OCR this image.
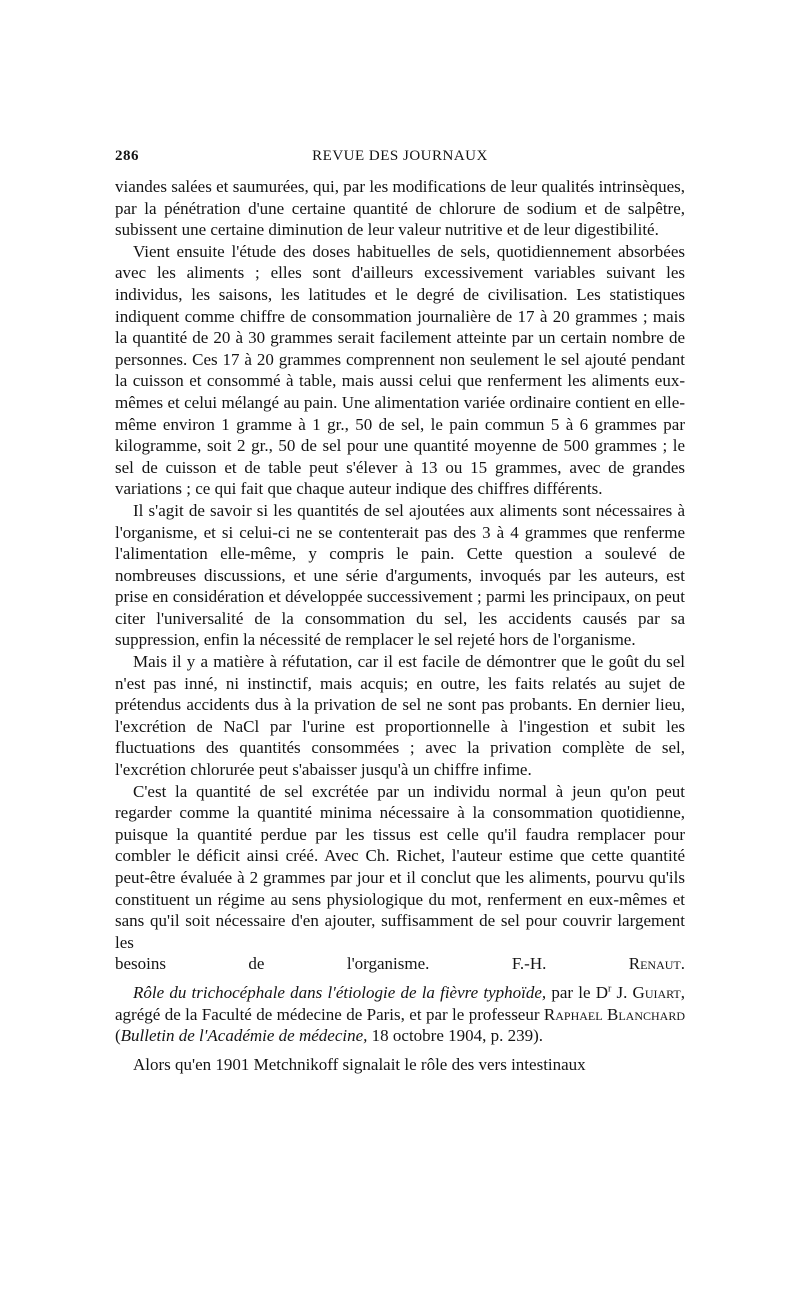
286	REVUE DES JOURNAUX

viandes salées et saumurées, qui, par les modifications de leur qualités intrinsèques, par la pénétration d'une certaine quantité de chlorure de sodium et de salpêtre, subissent une certaine diminution de leur valeur nutritive et de leur digestibilité.

Vient ensuite l'étude des doses habituelles de sels, quotidiennement absorbées avec les aliments ; elles sont d'ailleurs excessivement variables suivant les individus, les saisons, les latitudes et le degré de civilisation. Les statistiques indiquent comme chiffre de consommation journalière de 17 à 20 grammes ; mais la quantité de 20 à 30 grammes serait facilement atteinte par un certain nombre de personnes. Ces 17 à 20 grammes comprennent non seulement le sel ajouté pendant la cuisson et consommé à table, mais aussi celui que renferment les aliments eux-mêmes et celui mélangé au pain. Une alimentation variée ordinaire contient en elle-même environ 1 gramme à 1 gr., 50 de sel, le pain commun 5 à 6 grammes par kilogramme, soit 2 gr., 50 de sel pour une quantité moyenne de 500 grammes ; le sel de cuisson et de table peut s'élever à 13 ou 15 grammes, avec de grandes variations ; ce qui fait que chaque auteur indique des chiffres différents.

Il s'agit de savoir si les quantités de sel ajoutées aux aliments sont nécessaires à l'organisme, et si celui-ci ne se contenterait pas des 3 à 4 grammes que renferme l'alimentation elle-même, y compris le pain. Cette question a soulevé de nombreuses discussions, et une série d'arguments, invoqués par les auteurs, est prise en considération et développée successivement ; parmi les principaux, on peut citer l'universalité de la consommation du sel, les accidents causés par sa suppression, enfin la nécessité de remplacer le sel rejeté hors de l'organisme.

Mais il y a matière à réfutation, car il est facile de démontrer que le goût du sel n'est pas inné, ni instinctif, mais acquis; en outre, les faits relatés au sujet de prétendus accidents dus à la privation de sel ne sont pas probants. En dernier lieu, l'excrétion de NaCl par l'urine est proportionnelle à l'ingestion et subit les fluctuations des quantités consommées ; avec la privation complète de sel, l'excrétion chlorurée peut s'abaisser jusqu'à un chiffre infime.

C'est la quantité de sel excrétée par un individu normal à jeun qu'on peut regarder comme la quantité minima nécessaire à la consommation quotidienne, puisque la quantité perdue par les tissus est celle qu'il faudra remplacer pour combler le déficit ainsi créé. Avec Ch. Richet, l'auteur estime que cette quantité peut-être évaluée à 2 grammes par jour et il conclut que les aliments, pourvu qu'ils constituent un régime au sens physiologique du mot, renferment en eux-mêmes et sans qu'il soit nécessaire d'en ajouter, suffisamment de sel pour couvrir largement les

besoins de l'organisme.	F.-H. Renaut.

Rôle du trichocéphale dans l'étiologie de la fièvre typhoïde, par le $D^r$ J. Guiart, agrégé de la Faculté de médecine de Paris, et par le professeur Raphael Blanchard (Bulletin de l'Académie de médecine, 18 octobre 1904, p. 239).

Alors qu'en 1901 Metchnikoff signalait le rôle des vers intestinaux
